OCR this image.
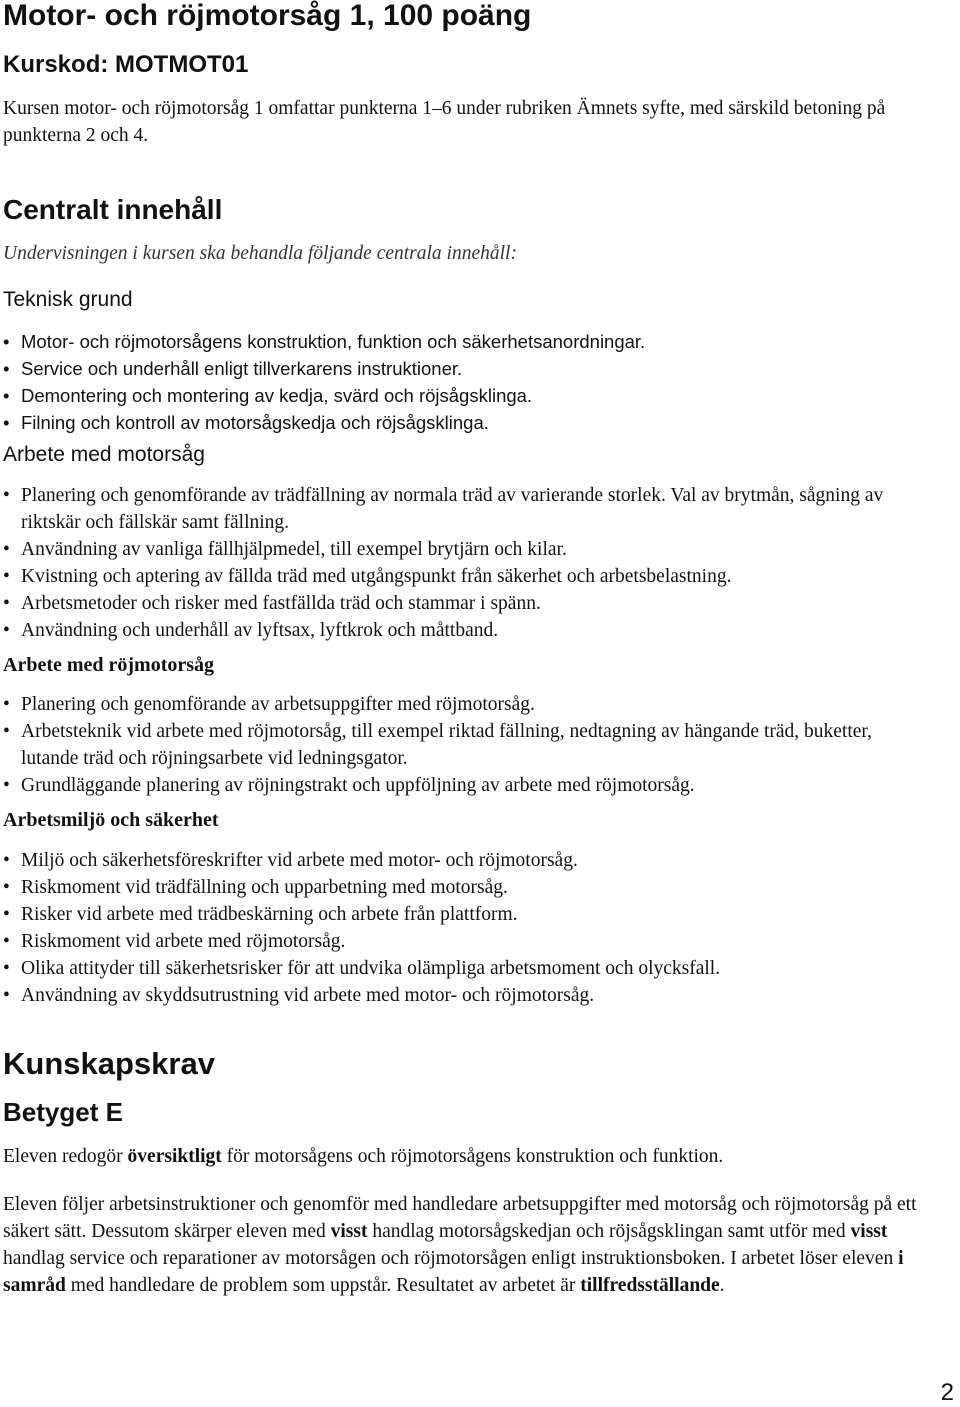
Motor- och röjmotorsåg 1, 100 poäng
Kurskod: MOTMOT01

Kursen motor- och röjmotorsåg 1 omfattar punkterna 1–6 under rubriken Ämnets syfte, med särskild betoning på punkterna 2 och 4.

Centralt innehåll

Undervisningen i kursen ska behandla följande centrala innehåll:

Teknisk grund
• Motor- och röjmotorsågens konstruktion, funktion och säkerhetsanordningar.
• Service och underhåll enligt tillverkarens instruktioner.
• Demontering och montering av kedja, svärd och röjsågsklinga.
• Filning och kontroll av motorsågskedja och röjsågsklinga.
Arbete med motorsåg
• Planering och genomförande av trädfällning av normala träd av varierande storlek. Val av brytmån, sågning av riktskär och fällskär samt fällning.
• Användning av vanliga fällhjälpmedel, till exempel brytjärn och kilar.
• Kvistning och aptering av fällda träd med utgångspunkt från säkerhet och arbetsbelastning.
• Arbetsmetoder och risker med fastfällda träd och stammar i spänn.
• Användning och underhåll av lyftsax, lyftkrok och måttband.
Arbete med röjmotorsåg
• Planering och genomförande av arbetsuppgifter med röjmotorsåg.
• Arbetsteknik vid arbete med röjmotorsåg, till exempel riktad fällning, nedtagning av hängande träd, buketter, lutande träd och röjningsarbete vid ledningsgator.
• Grundläggande planering av röjningstrakt och uppföljning av arbete med röjmotorsåg.
Arbetsmiljö och säkerhet
• Miljö och säkerhetsföreskrifter vid arbete med motor- och röjmotorsåg.
• Riskmoment vid trädfällning och upparbetning med motorsåg.
• Risker vid arbete med trädbeskärning och arbete från plattform.
• Riskmoment vid arbete med röjmotorsåg.
• Olika attityder till säkerhetsrisker för att undvika olämpliga arbetsmoment och olycksfall.
• Användning av skyddsutrustning vid arbete med motor- och röjmotorsåg.
Kunskapskrav
Betyget E

Eleven redogör översiktligt för motorsågens och röjmotorsågens konstruktion och funktion.

Eleven följer arbetsinstruktioner och genomför med handledare arbetsuppgifter med motorsåg och röjmotorsåg på ett säkert sätt. Dessutom skärper eleven med visst handlag motorsågskedjan och röjsågsklingan samt utför med visst handlag service och reparationer av motorsågen och röjmotorsågen enligt instruktionsboken. I arbetet löser eleven i samråd med handledare de problem som uppstår. Resultatet av arbetet är tillfredsställande.

2
